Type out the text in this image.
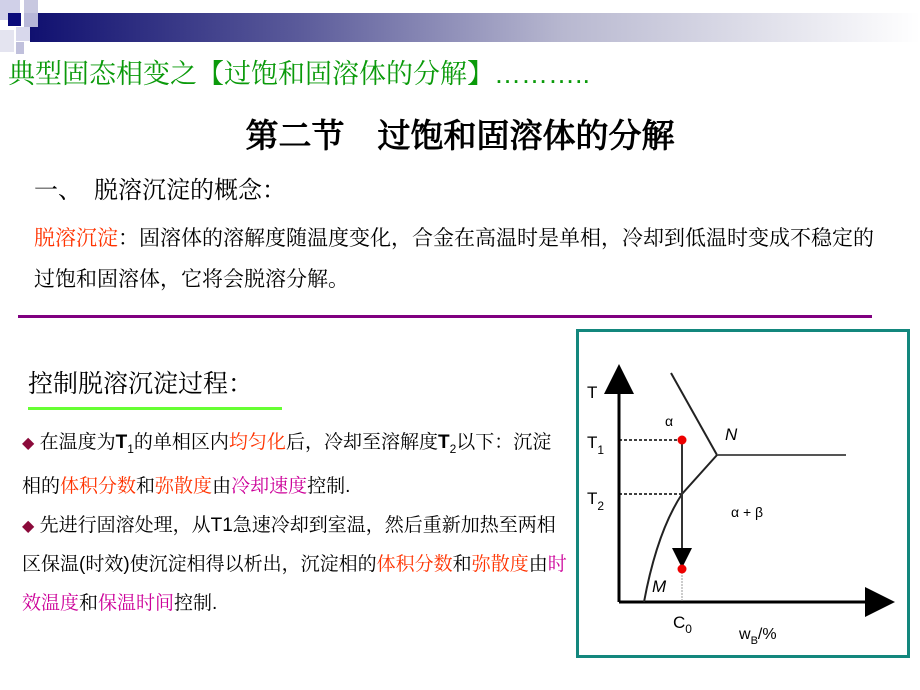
典型固态相变之【过饱和固溶体的分解】………..
第二节　过饱和固溶体的分解
一、　脱溶沉淀的概念：
脱溶沉淀：固溶体的溶解度随温度变化，合金在高温时是单相，冷却到低温时变成不稳定的过饱和固溶体，它将会脱溶分解。
控制脱溶沉淀过程：
◆ 在温度为$T_1$的单相区内均匀化后，冷却至溶解度$T_2$以下：沉淀相的体积分数和弥散度由冷却速度控制.
◆ 先进行固溶处理，从T1急速冷却到室温，然后重新加热至两相区保温(时效)使沉淀相得以析出，沉淀相的体积分数和弥散度由时效温度和保温时间控制.
T
$T_1$
$T_2$
α
N
α + β
M
$C_0$	$w_B/\%$
